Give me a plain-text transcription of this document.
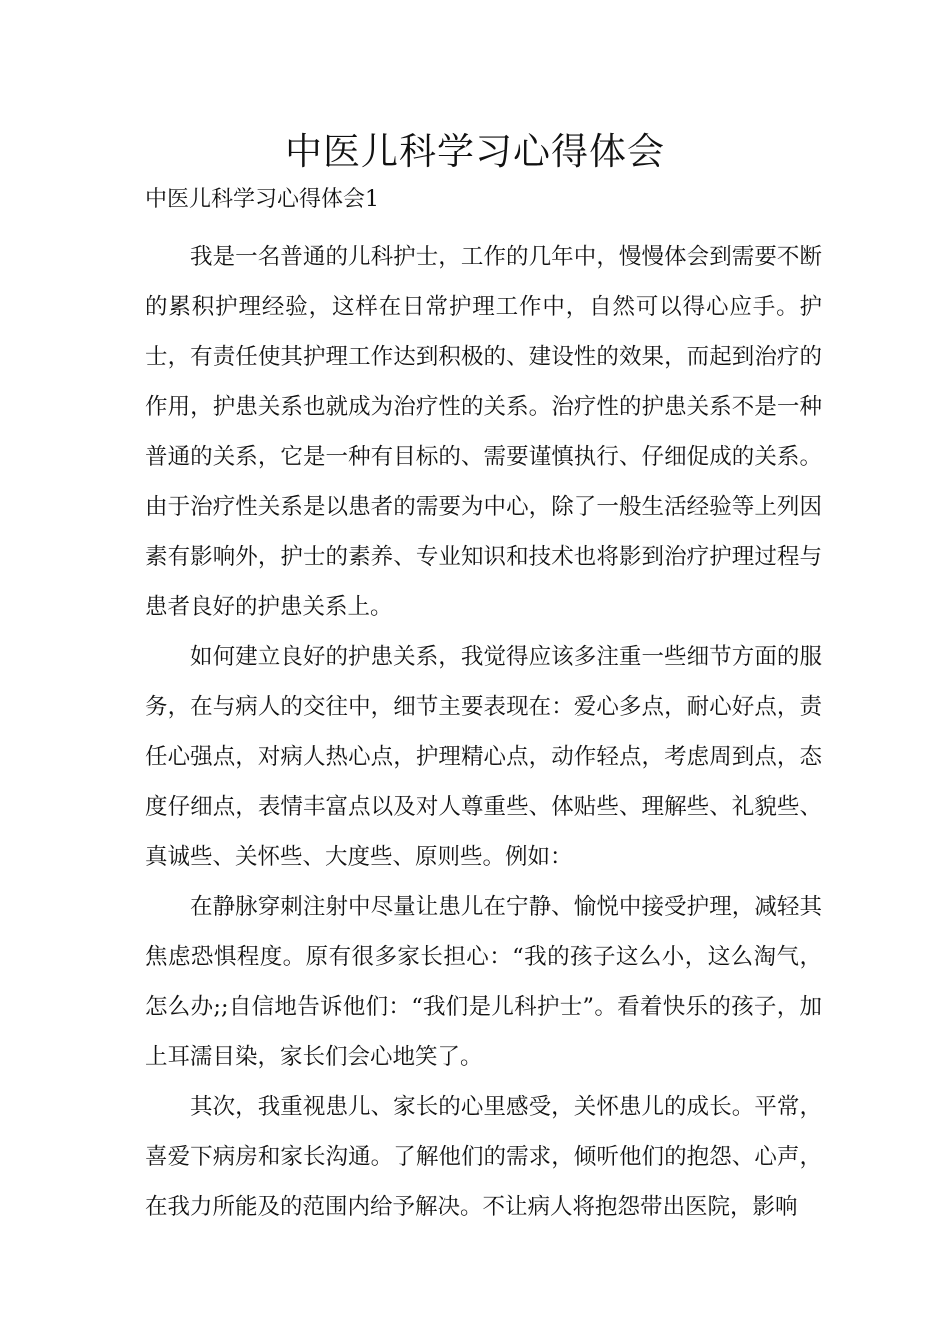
中医儿科学习心得体会

中医儿科学习心得体会1

我是一名普通的儿科护士，工作的几年中，慢慢体会到需要不断的累积护理经验，这样在日常护理工作中，自然可以得心应手。护士，有责任使其护理工作达到积极的、建设性的效果，而起到治疗的作用，护患关系也就成为治疗性的关系。治疗性的护患关系不是一种普通的关系，它是一种有目标的、需要谨慎执行、仔细促成的关系。由于治疗性关系是以患者的需要为中心，除了一般生活经验等上列因素有影响外，护士的素养、专业知识和技术也将影到治疗护理过程与患者良好的护患关系上。

如何建立良好的护患关系，我觉得应该多注重一些细节方面的服务，在与病人的交往中，细节主要表现在：爱心多点，耐心好点，责任心强点，对病人热心点，护理精心点，动作轻点，考虑周到点，态度仔细点，表情丰富点以及对人尊重些、体贴些、理解些、礼貌些、真诚些、关怀些、大度些、原则些。例如：

在静脉穿刺注射中尽量让患儿在宁静、愉悦中接受护理，减轻其焦虑恐惧程度。原有很多家长担心：“我的孩子这么小，这么淘气，怎么办;;自信地告诉他们：“我们是儿科护士”。看着快乐的孩子，加上耳濡目染，家长们会心地笑了。

其次，我重视患儿、家长的心里感受，关怀患儿的成长。平常，喜爱下病房和家长沟通。了解他们的需求，倾听他们的抱怨、心声，在我力所能及的范围内给予解决。不让病人将抱怨带出医院，影响
